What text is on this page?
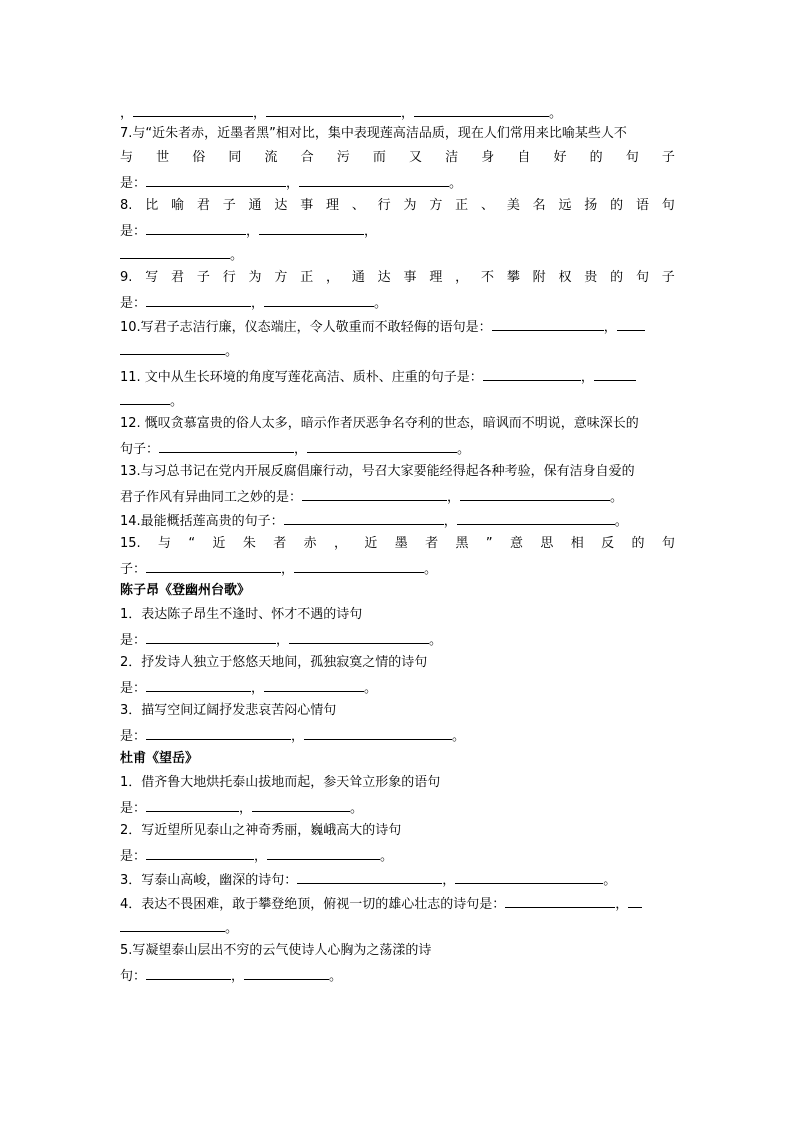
，	，	，	。
7.与“近朱者赤，近墨者黑”相对比，集中表现莲高洁品质，现在人们常用来比喻某些人不
与 世 俗 同 流 合 污 而 又 洁 身 自 好 的 句 子
是：	，	。
8. 比 喻 君 子 通 达 事 理 、 行 为 方 正 、 美 名 远 扬 的 语 句
是：	，	，
。
9. 写 君 子 行 为 方 正 ， 通 达 事 理 ， 不 攀 附 权 贵 的 句 子
是：	，	。
10.写君子志洁行廉，仪态端庄，令人敬重而不敢轻侮的语句是：	，
。
11. 文中从生长环境的角度写莲花高洁、质朴、庄重的句子是：	，
。
12. 慨叹贪慕富贵的俗人太多，暗示作者厌恶争名夺利的世态，暗讽而不明说，意味深长的
句子：	，	。
13.与习总书记在党内开展反腐倡廉行动，号召大家要能经得起各种考验，保有洁身自爱的
君子作风有异曲同工之妙的是：	，	。
14.最能概括莲高贵的句子：	，	。
15. 与 “ 近 朱 者 赤 ， 近 墨 者 黑 ” 意 思 相 反 的 句
子：	，	。
陈子昂《登幽州台歌》
1．表达陈子昂生不逢时、怀才不遇的诗句
是：	，	。
2．抒发诗人独立于悠悠天地间，孤独寂寞之情的诗句
是：	，	。
3．描写空间辽阔抒发悲哀苦闷心情句
是：	，	。
杜甫《望岳》
1．借齐鲁大地烘托泰山拔地而起，参天耸立形象的语句
是：	，	。
2．写近望所见泰山之神奇秀丽，巍峨高大的诗句
是：	，	。
3．写泰山高峻，幽深的诗句：	，	。
4．表达不畏困难，敢于攀登绝顶，俯视一切的雄心壮志的诗句是：	，
。
5.写凝望泰山层出不穷的云气使诗人心胸为之荡漾的诗
句：	，	。
